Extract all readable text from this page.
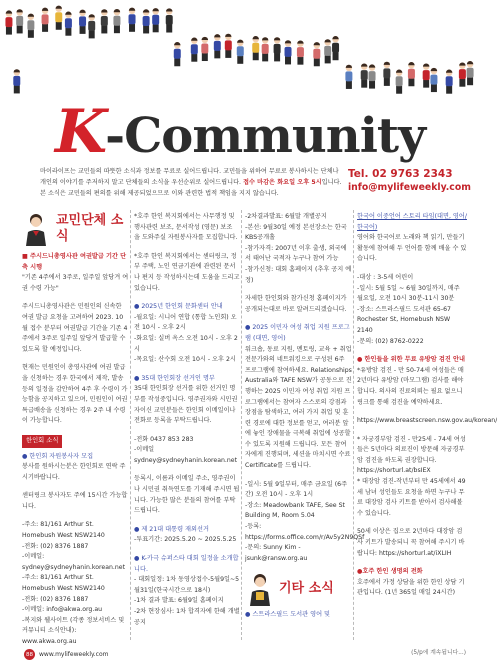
K-Community
마이라이프는 교민들의 따뜻한 소식과 정보를 무료로 실어드립니다. 교민들을 위하여 무료로 봉사하시는 단체나
개인의 이야기를 주저하지 말고 단체들의 소식을 우선순위로 실어드립니다. 접수 마감은 화요일 오후 5시입니다.
본 소식은 교민들의 편의를 위해 제공되었으므로 이와 관련한 법적 책임을 지지 않습니다.
Tel. 02 9763 2343
info@mylifeweekly.com
교민단체 소식
■ 주시드니총영사관 여권발급 기간 단축 시행
"기존 4주에서 3주로, 일주일 앞당겨 여권 수령 가능"
주시드니총영사관은 민원인의 신속한 여권 발급 요청을 고려하여 2023. 10월 접수 분부터 여권발급 기간을 기존 4주에서 3주로 일주일 앞당겨 발급할 수 있도록 할 예정입니다.
현재는 민원인이 총영사관에 여권 발급을 신청하는 경우 한국에서 제작, 발송 등의 일정을 감안하여 4주 후 수령이 가능함을 공지하고 있으며, 민원인이 여권 특급배송을 신청하는 경우 2주 내 수령이 가능합니다.
한인회 소식
● 한인회 자원봉사자 모집
봉사를 원하시는분은 한인회로 연락 주시기바랍니다.
센터링크 봉사자도 주에 15시간 가능합니다.
-주소: 81/161 Arthur St. Homebush West NSW2140
-전화: (02) 8376 1887
-이메일: sydney@sydneyhanin.korean.net
-주소: 81/161 Arthur St. Homebush West NSW2140
-전화: (02) 8376 1887
-이메일: info@akwa.org.au
-복지와 웰사이트 (각종 정보서비스 및 커뮤니티 소식안내): www.akwa.org.au
*호주 한인 복지회에서는 사무행정 및 행사관련 보조, 문서작성 (영문) 보조 을 도와주실 자원봉사자를 모집합니다.
*호주 한인 복지회에서는 센터링크, 정부 주택, 노인 연금기관에 관련된 문서나 편지 등 작성하시는데 도움을 드리고 있습니다.
● 2025년 한인회 문화센터 안내
-월요일: 시니어 연합 (통합 노인회) 오전 10시 - 오후 2시
-화요일: 실버 옥스 오전 10시 - 오후 2시
-목요일: 산수회 오전 10시 - 오후 2시
● 35대 한인회장 선거인 명부
35대 한인회장 선거를 위한 선거인 명부를 작성중입니다. 영주권자와 시민권자이신 교민분들은 한인회 이메일이나 전화로 등록을 부탁드립니다.
-전화 0437 853 283
-이메일 sydney@sydneyhanin.korean.net
등록시, 이름과 이메일 주소, 영주권이나 시민권 취득연도를 기재해 주시면 됩니다. 가능한 많은 분들의 참여를 부탁드립니다.
● 제 21대 대통령 재외선거
-투표기간: 2025.5.20 ~ 2025.5.25
● K-카극 슈퍼스타 대회 일정을 소개합니다.
- 대회일정: 1차 동영상접수-5월9일~5월31일(한국시간으로 18시)
-1차 결과 발표: 6월9일 홈페이지
-2차 현장심사: 1차 합격자에 한해 개별공지
-2차결과발표: 6월말 개별공지
-본선: 9월30일 예정 본선장소는 한국 KBS공개홀
-참가자격: 2007년 이후 출생, 외국에서 태어난 국적자 누구나 참여 가능
-참가신청: 대회 홈페이지 (추후 공지 예정)
자세한 한인회와 참가신청 홈페이지가 공개되는대로 바로 알려드리겠습니다.
● 2025 이민자 여성 취업 지원 프로그램 (대면, 영어)
워크숍, 동료 지원, 멘토링, 교육 + 취업 전문가와의 네트워킹으로 구성된 6주 프로그램에 참여하세요. Relationships Australia와 TAFE NSW가 공동으로 진행하는 2025 이민자 여성 취업 지원 프로그램에서는 참여자 스스로의 강점과 장점을 탐색하고, 여러 가지 취업 및 훈련 경로에 대한 정보를 얻고, 여러분 앞에 놓인 장애물을 극복해 취업에 성공할 수 있도록 지원해 드립니다. 모든 참여자에게 진행되며, 세션을 마치시면 수료 Certificate를 드립니다.
-일시: 5월 9일부터, 매주 금요일 (6주간) 오전 10시 - 오후 1시
-장소: Meadowbank TAFE, See St Building M, Room 5.04
-등록: https://forms.office.com/r/Av5y2N9QSf
-문의: Sunny Kim - jsunk@ransw.org.au
기타 소식
● 스트라스필드 도서관 영어 및
한국어 이중언어 스토리 타임(대면, 영어/한국어)
영어와 한국어로 노래와 책 읽기, 만들기 활동에 참여해 두 언어를 함께 배울 수 있습니다.
-대상 : 3-5세 어린이
-일시: 5월 5일 ~ 6월 30일까지, 매주 월요일, 오전 10시 30분-11시 30분
-장소: 스트라스필드 도서관 65-67 Rochester St, Homebush NSW 2140
-문의: (02) 8762-0222
● 한인들을 위한 무료 유방암 검진 안내
*유방암 검진 - 만 50-74세 여성들은 매 2년마다 유방암 (마모그램) 검사를 해야 합니다. 의사의 진료의뢰는 필요 없으니 링크를 통해 검진을 예약하세요.
https://www.breastscreen.nsw.gov.au/korean/
* 자궁경부암 검진 - 만25세 - 74세 여성들은 5년마다 의료진이 방문해 자궁경부암 검진을 하도록 권장합니다.
https://shorturl.at/bsIEX
* 대장암 검진-작년부터 만 45세에서 49세 남녀 성인들도 요청을 하면 누구나 무료 대장암 검사 키트를 받아서 검사해볼 수 있습니다.
50세 이상은 집으로 2년마다 대장암 검사 키트가 발송되니 꼭 참여해 주시기 바랍니다: https://shorturl.at/iXLIH
●호주 한인 생명의 전화
호주에서 가정 상담을 위한 한인 상담 기관입니다. (1년 365일 매일 24시간)
(5/p에 계속됩니다...)
88	www.mylifeweekly.com
